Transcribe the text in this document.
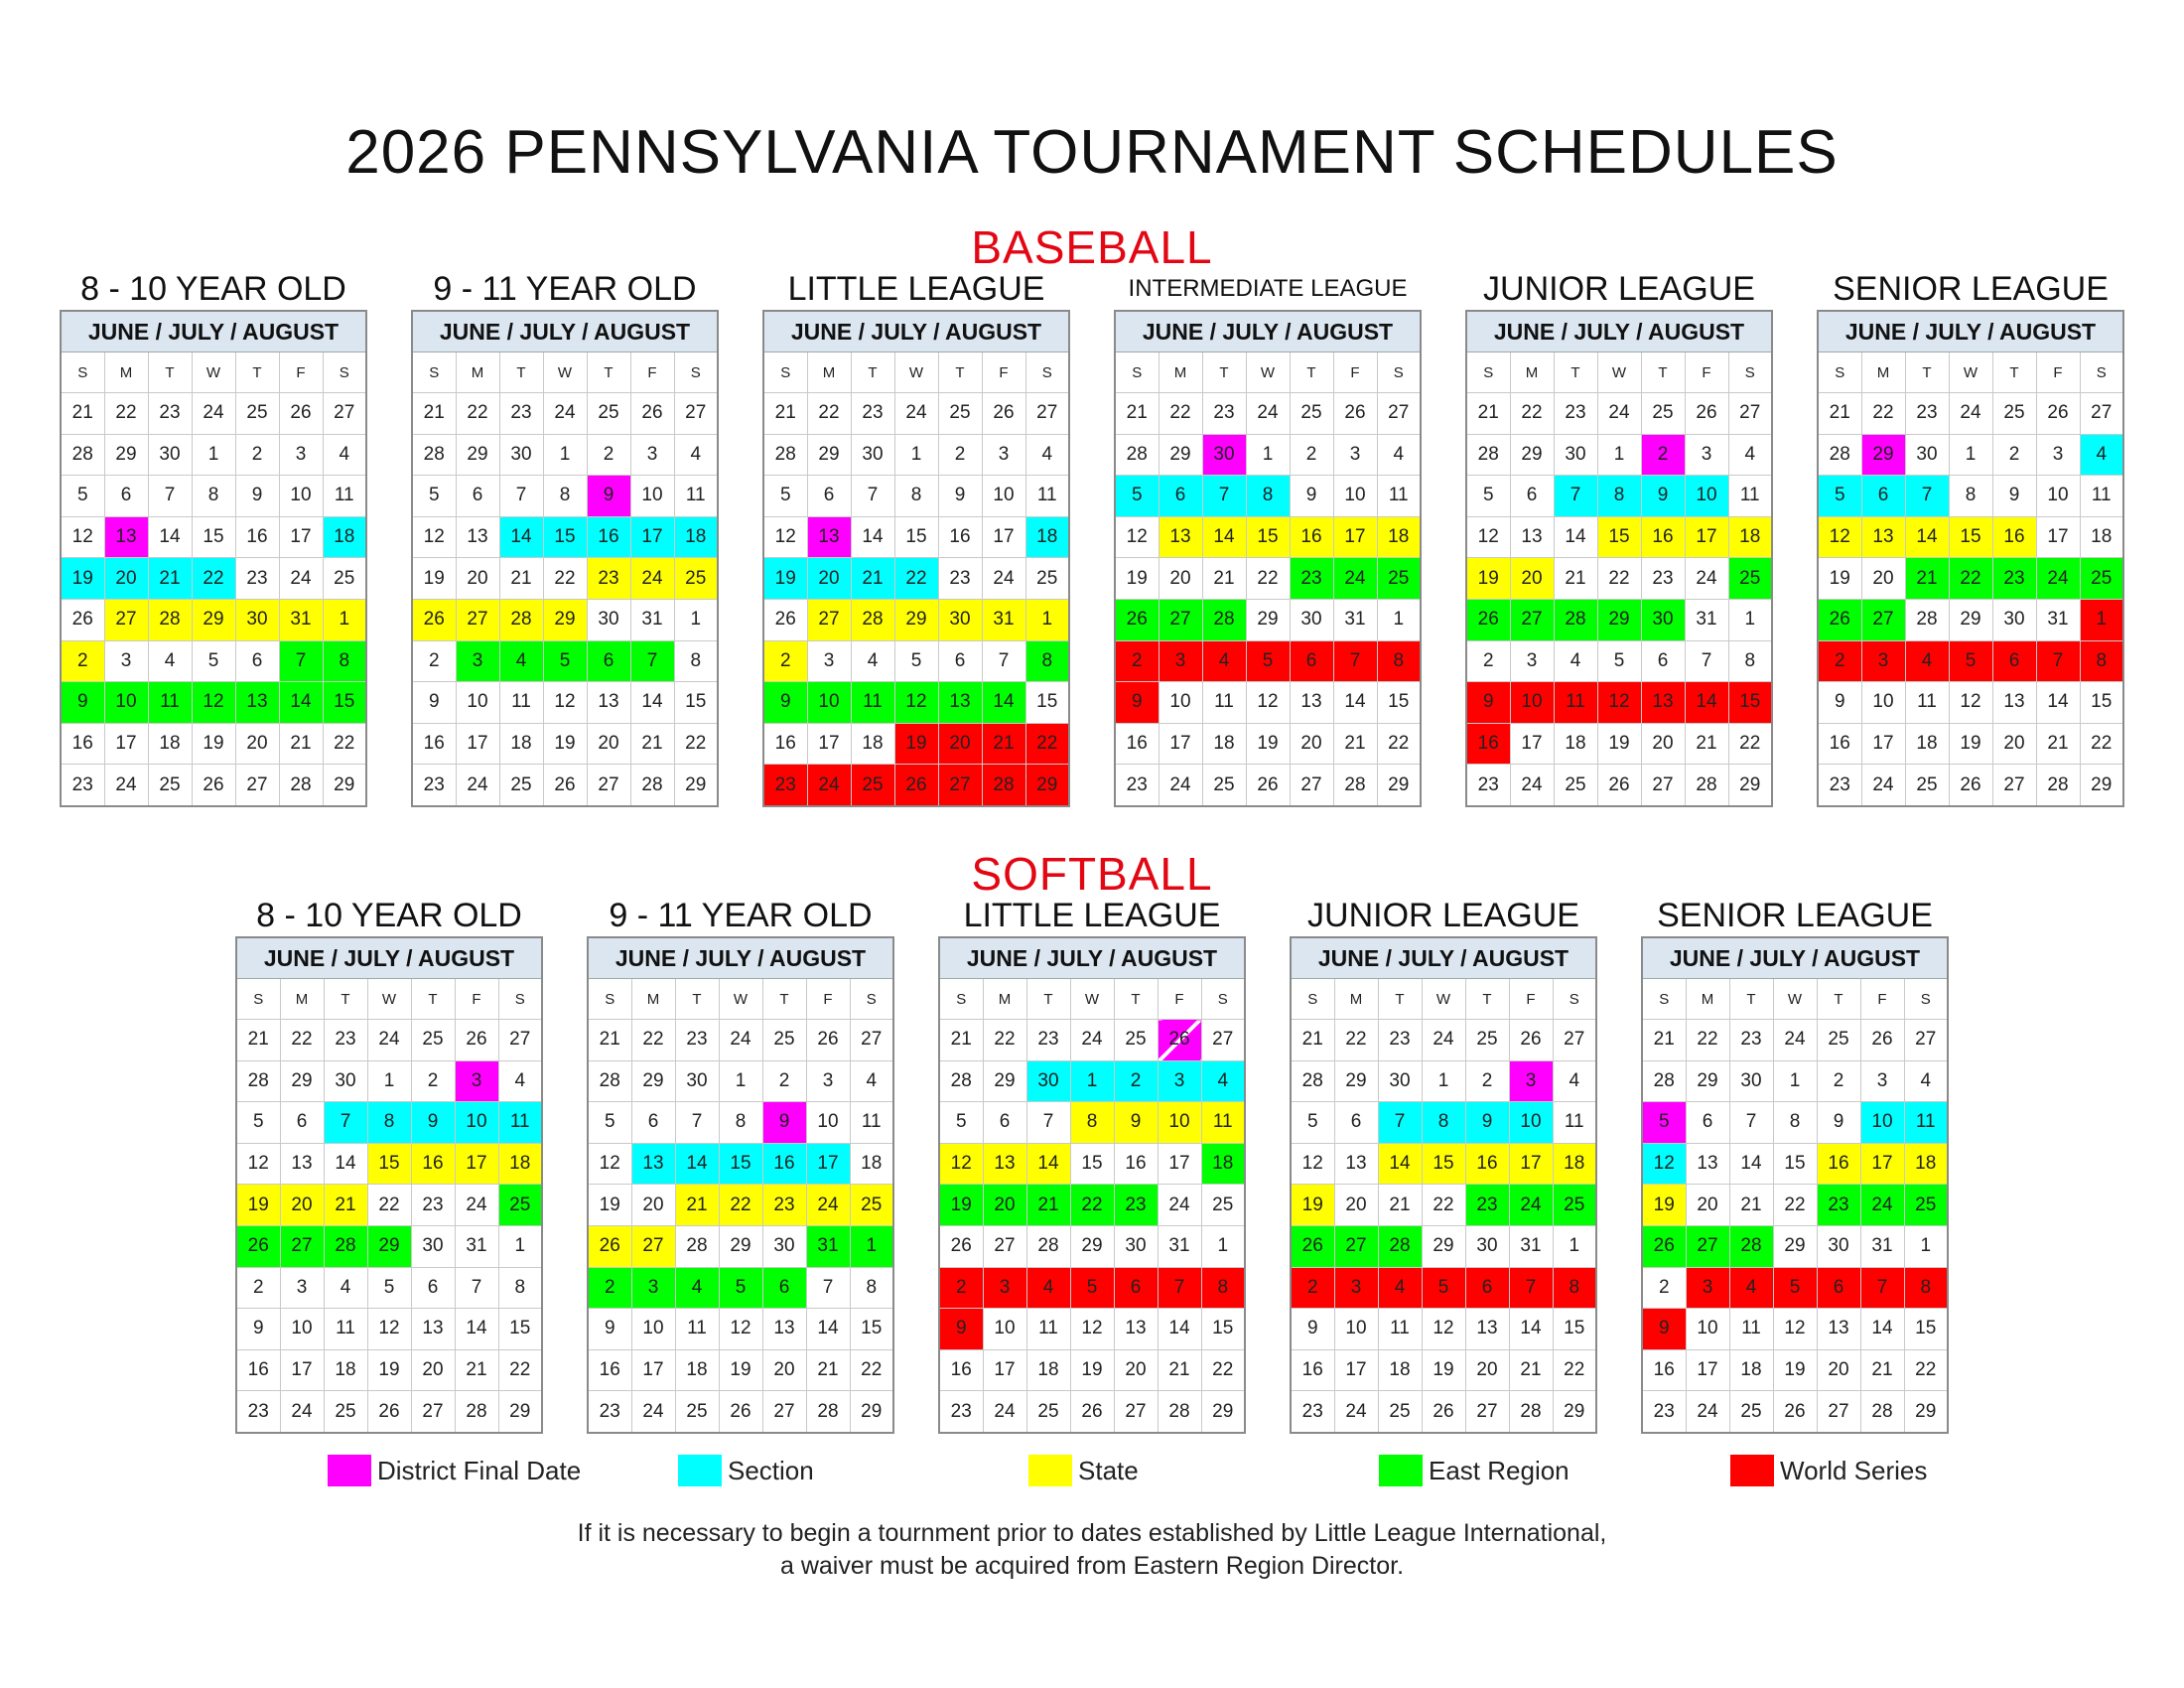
2026 PENNSYLVANIA TOURNAMENT SCHEDULES
BASEBALL
8 - 10 YEAR OLD
JUNE / JULY / AUGUST						
S	M	T	W	T	F	S
21	22	23	24	25	26	27
28	29	30	1	2	3	4
5	6	7	8	9	10	11
12	13	14	15	16	17	18
19	20	21	22	23	24	25
26	27	28	29	30	31	1
2	3	4	5	6	7	8
9	10	11	12	13	14	15
16	17	18	19	20	21	22
23	24	25	26	27	28	29
9 - 11 YEAR OLD
JUNE / JULY / AUGUST						
S	M	T	W	T	F	S
21	22	23	24	25	26	27
28	29	30	1	2	3	4
5	6	7	8	9	10	11
12	13	14	15	16	17	18
19	20	21	22	23	24	25
26	27	28	29	30	31	1
2	3	4	5	6	7	8
9	10	11	12	13	14	15
16	17	18	19	20	21	22
23	24	25	26	27	28	29
LITTLE LEAGUE
JUNE / JULY / AUGUST						
S	M	T	W	T	F	S
21	22	23	24	25	26	27
28	29	30	1	2	3	4
5	6	7	8	9	10	11
12	13	14	15	16	17	18
19	20	21	22	23	24	25
26	27	28	29	30	31	1
2	3	4	5	6	7	8
9	10	11	12	13	14	15
16	17	18	19	20	21	22
23	24	25	26	27	28	29
INTERMEDIATE LEAGUE
JUNE / JULY / AUGUST						
S	M	T	W	T	F	S
21	22	23	24	25	26	27
28	29	30	1	2	3	4
5	6	7	8	9	10	11
12	13	14	15	16	17	18
19	20	21	22	23	24	25
26	27	28	29	30	31	1
2	3	4	5	6	7	8
9	10	11	12	13	14	15
16	17	18	19	20	21	22
23	24	25	26	27	28	29
JUNIOR LEAGUE
JUNE / JULY / AUGUST						
S	M	T	W	T	F	S
21	22	23	24	25	26	27
28	29	30	1	2	3	4
5	6	7	8	9	10	11
12	13	14	15	16	17	18
19	20	21	22	23	24	25
26	27	28	29	30	31	1
2	3	4	5	6	7	8
9	10	11	12	13	14	15
16	17	18	19	20	21	22
23	24	25	26	27	28	29
SENIOR LEAGUE
JUNE / JULY / AUGUST						
S	M	T	W	T	F	S
21	22	23	24	25	26	27
28	29	30	1	2	3	4
5	6	7	8	9	10	11
12	13	14	15	16	17	18
19	20	21	22	23	24	25
26	27	28	29	30	31	1
2	3	4	5	6	7	8
9	10	11	12	13	14	15
16	17	18	19	20	21	22
23	24	25	26	27	28	29
SOFTBALL
8 - 10 YEAR OLD
JUNE / JULY / AUGUST						
S	M	T	W	T	F	S
21	22	23	24	25	26	27
28	29	30	1	2	3	4
5	6	7	8	9	10	11
12	13	14	15	16	17	18
19	20	21	22	23	24	25
26	27	28	29	30	31	1
2	3	4	5	6	7	8
9	10	11	12	13	14	15
16	17	18	19	20	21	22
23	24	25	26	27	28	29
9 - 11 YEAR OLD
JUNE / JULY / AUGUST						
S	M	T	W	T	F	S
21	22	23	24	25	26	27
28	29	30	1	2	3	4
5	6	7	8	9	10	11
12	13	14	15	16	17	18
19	20	21	22	23	24	25
26	27	28	29	30	31	1
2	3	4	5	6	7	8
9	10	11	12	13	14	15
16	17	18	19	20	21	22
23	24	25	26	27	28	29
LITTLE LEAGUE
JUNE / JULY / AUGUST						
S	M	T	W	T	F	S
21	22	23	24	25	26	27
28	29	30	1	2	3	4
5	6	7	8	9	10	11
12	13	14	15	16	17	18
19	20	21	22	23	24	25
26	27	28	29	30	31	1
2	3	4	5	6	7	8
9	10	11	12	13	14	15
16	17	18	19	20	21	22
23	24	25	26	27	28	29
JUNIOR LEAGUE
JUNE / JULY / AUGUST						
S	M	T	W	T	F	S
21	22	23	24	25	26	27
28	29	30	1	2	3	4
5	6	7	8	9	10	11
12	13	14	15	16	17	18
19	20	21	22	23	24	25
26	27	28	29	30	31	1
2	3	4	5	6	7	8
9	10	11	12	13	14	15
16	17	18	19	20	21	22
23	24	25	26	27	28	29
SENIOR LEAGUE
JUNE / JULY / AUGUST						
S	M	T	W	T	F	S
21	22	23	24	25	26	27
28	29	30	1	2	3	4
5	6	7	8	9	10	11
12	13	14	15	16	17	18
19	20	21	22	23	24	25
26	27	28	29	30	31	1
2	3	4	5	6	7	8
9	10	11	12	13	14	15
16	17	18	19	20	21	22
23	24	25	26	27	28	29
District Final Date	Section	State	East Region	World Series
If it is necessary to begin a tournment prior to dates established by Little League International,
a waiver must be acquired from Eastern Region Director.
